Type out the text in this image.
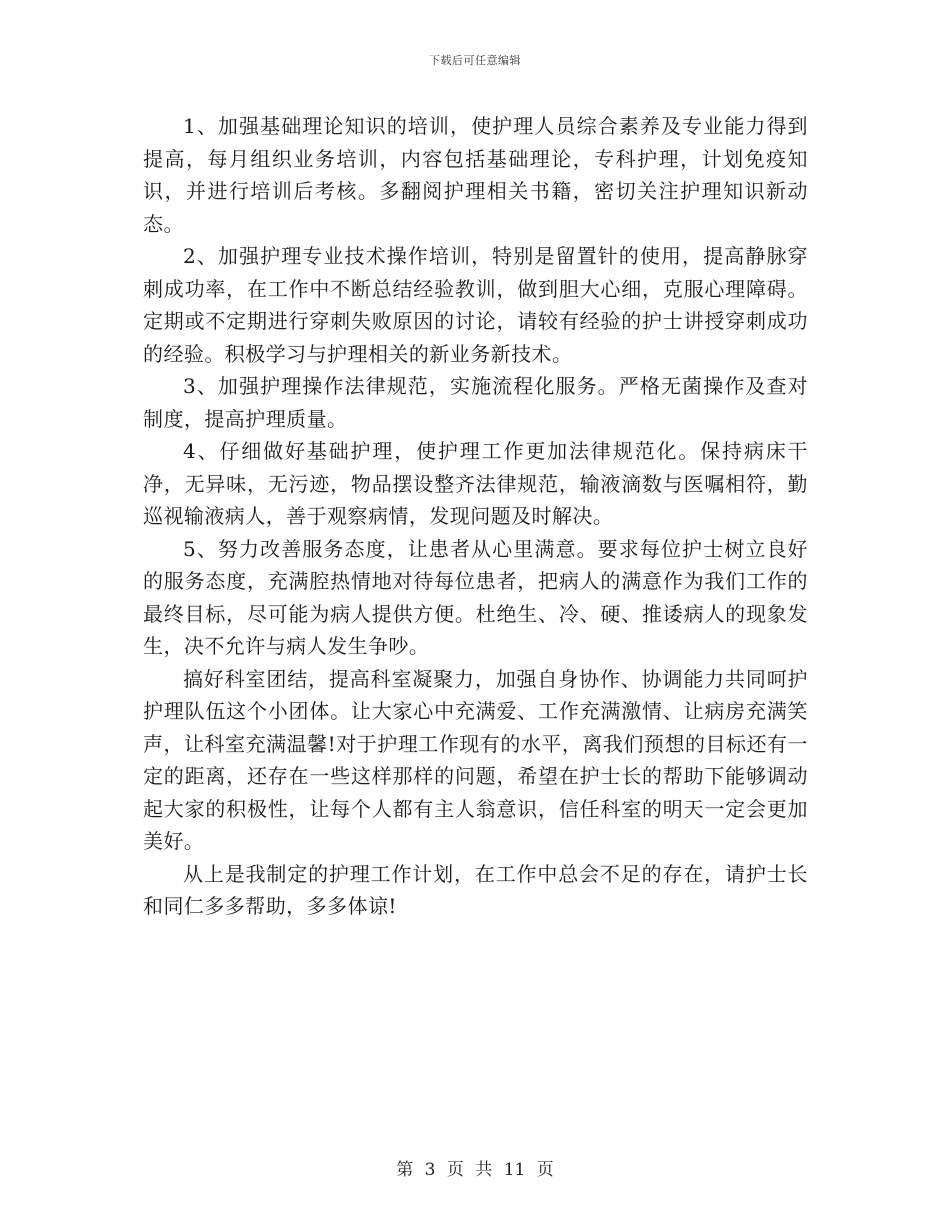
下载后可任意编辑

1、加强基础理论知识的培训，使护理人员综合素养及专业能力得到提高，每月组织业务培训，内容包括基础理论，专科护理，计划免疫知识，并进行培训后考核。多翻阅护理相关书籍，密切关注护理知识新动态。

2、加强护理专业技术操作培训，特别是留置针的使用，提高静脉穿刺成功率，在工作中不断总结经验教训，做到胆大心细，克服心理障碍。定期或不定期进行穿刺失败原因的讨论，请较有经验的护士讲授穿刺成功的经验。积极学习与护理相关的新业务新技术。

3、加强护理操作法律规范，实施流程化服务。严格无菌操作及查对制度，提高护理质量。

4、仔细做好基础护理，使护理工作更加法律规范化。保持病床干净，无异味，无污迹，物品摆设整齐法律规范，输液滴数与医嘱相符，勤巡视输液病人，善于观察病情，发现问题及时解决。

5、努力改善服务态度，让患者从心里满意。要求每位护士树立良好的服务态度，充满腔热情地对待每位患者，把病人的满意作为我们工作的最终目标，尽可能为病人提供方便。杜绝生、冷、硬、推诿病人的现象发生，决不允许与病人发生争吵。

搞好科室团结，提高科室凝聚力，加强自身协作、协调能力共同呵护护理队伍这个小团体。让大家心中充满爱、工作充满激情、让病房充满笑声，让科室充满温馨!对于护理工作现有的水平，离我们预想的目标还有一定的距离，还存在一些这样那样的问题，希望在护士长的帮助下能够调动起大家的积极性，让每个人都有主人翁意识，信任科室的明天一定会更加美好。

从上是我制定的护理工作计划，在工作中总会不足的存在，请护士长和同仁多多帮助，多多体谅!

第 3 页 共 11 页
